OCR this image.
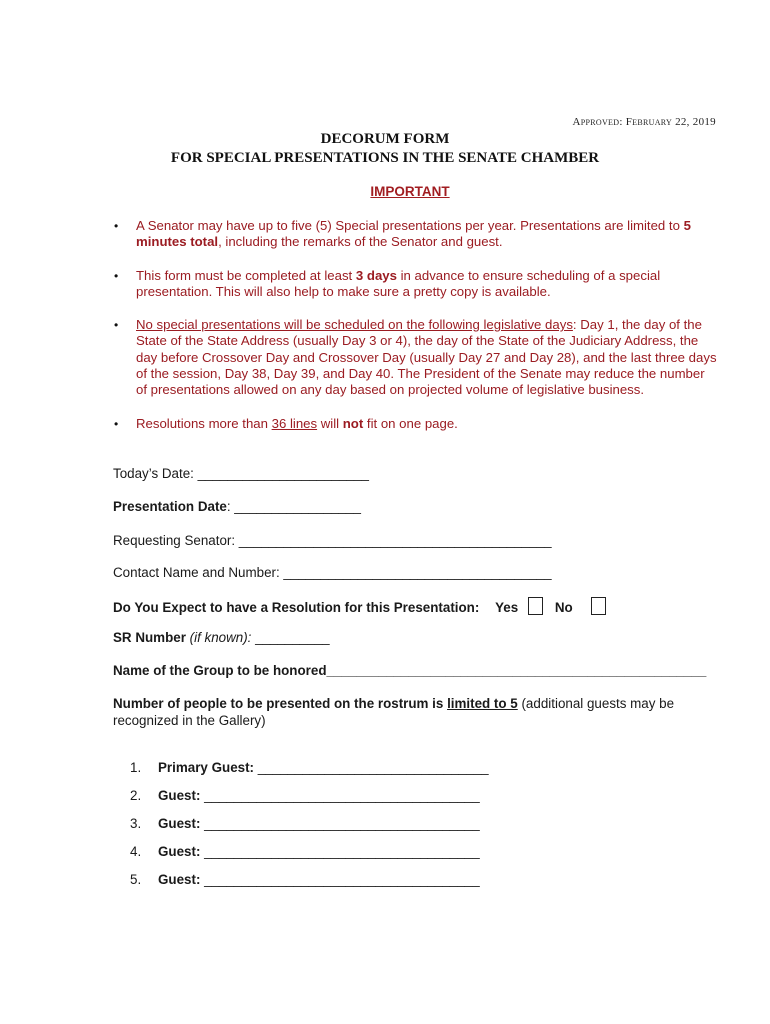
Approved: February 22, 2019
DECORUM FORM
FOR SPECIAL PRESENTATIONS IN THE SENATE CHAMBER
IMPORTANT
• A Senator may have up to five (5) Special presentations per year. Presentations are limited to 5 minutes total, including the remarks of the Senator and guest.
• This form must be completed at least 3 days in advance to ensure scheduling of a special presentation. This will also help to make sure a pretty copy is available.
• No special presentations will be scheduled on the following legislative days: Day 1, the day of the State of the State Address (usually Day 3 or 4), the day of the State of the Judiciary Address, the day before Crossover Day and Crossover Day (usually Day 27 and Day 28), and the last three days of the session, Day 38, Day 39, and Day 40. The President of the Senate may reduce the number of presentations allowed on any day based on projected volume of legislative business.
• Resolutions more than 36 lines will not fit on one page.
Today’s Date: _______________________
Presentation Date: _________________
Requesting Senator: __________________________________________
Contact Name and Number: ____________________________________
Do You Expect to have a Resolution for this Presentation: Yes	No
SR Number (if known): __________
Name of the Group to be honored___________________________________________________
Number of people to be presented on the rostrum is limited to 5 (additional guests may be recognized in the Gallery)
1. Primary Guest: _______________________________
2. Guest: _____________________________________
3. Guest: _____________________________________
4. Guest: _____________________________________
5. Guest: _____________________________________
